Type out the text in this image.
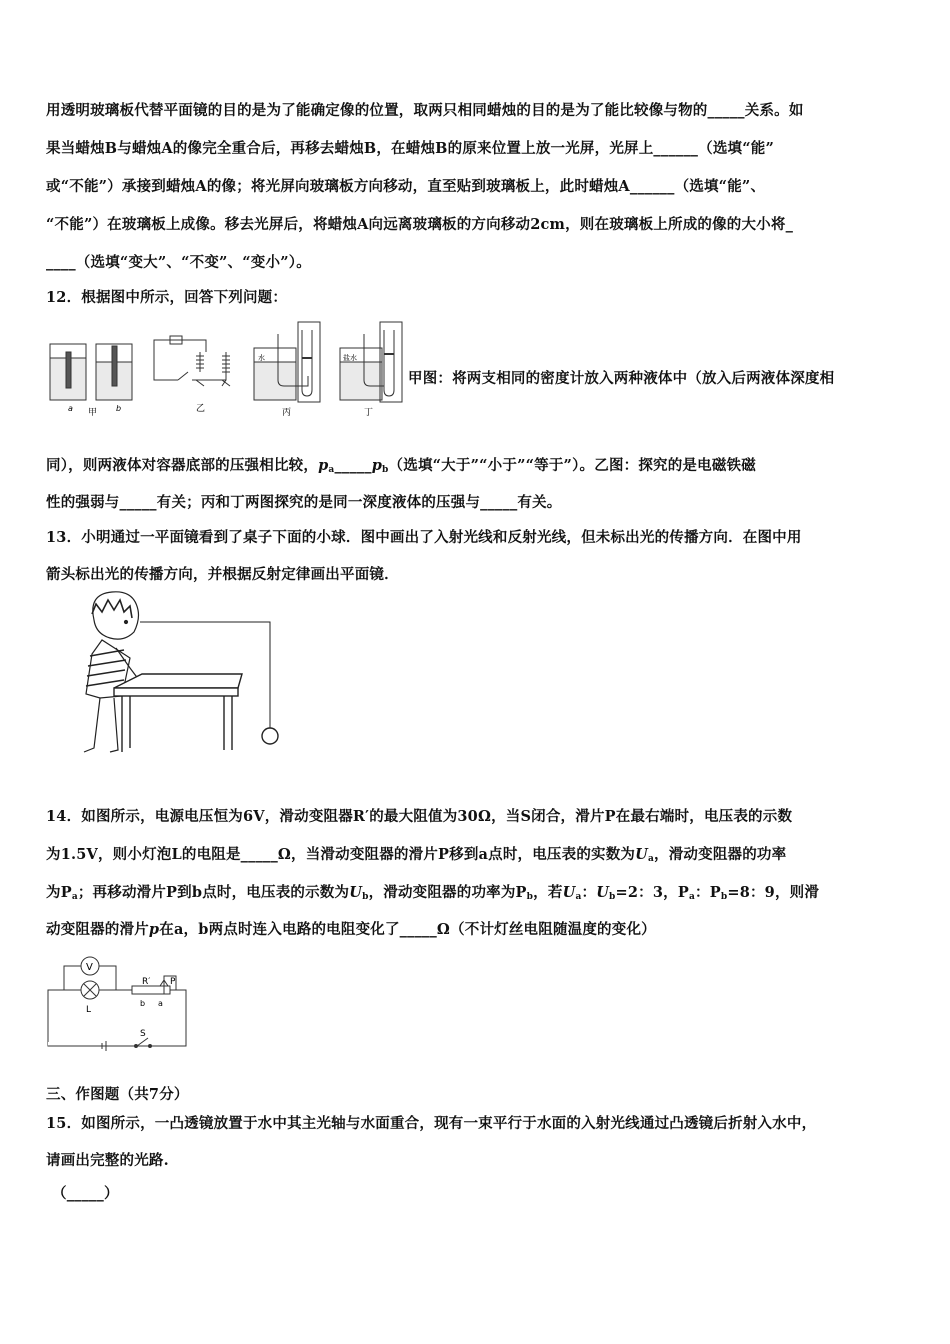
用透明玻璃板代替平面镜的目的是为了能确定像的位置，取两只相同蜡烛的目的是为了能比较像与物的_____关系。如
果当蜡烛B与蜡烛A的像完全重合后，再移去蜡烛B，在蜡烛B的原来位置上放一光屏，光屏上______（选填“能”
或“不能”）承接到蜡烛A的像；将光屏向玻璃板方向移动，直至贴到玻璃板上，此时蜡烛A______（选填“能”、
“不能”）在玻璃板上成像。移去光屏后，将蜡烛A向远离玻璃板的方向移动2cm，则在玻璃板上所成的像的大小将_
____（选填“变大”、“不变”、“变小”）。
12．根据图中所示，回答下列问题：
a	b
甲	乙
水
丙
盐水
丁
甲图：将两支相同的密度计放入两种液体中（放入后两液体深度相
同），则两液体对容器底部的压强相比较，$p_a\_\_\_\_\_p_b$（选填“大于”“小于”“等于”）。乙图：探究的是电磁铁磁
性的强弱与_____有关；丙和丁两图探究的是同一深度液体的压强与_____有关。
13．小明通过一平面镜看到了桌子下面的小球．图中画出了入射光线和反射光线，但未标出光的传播方向．在图中用
箭头标出光的传播方向，并根据反射定律画出平面镜．
14．如图所示，电源电压恒为6V，滑动变阻器R′的最大阻值为30Ω，当S闭合，滑片P在最右端时，电压表的示数
为1.5V，则小灯泡L的电阻是_____Ω，当滑动变阻器的滑片P移到a点时，电压表的实数为$U_a$，滑动变阻器的功率
为$P_a$；再移动滑片P到b点时，电压表的示数为$U_b$，滑动变阻器的功率为$P_b$，若$U_a$：$U_b=2$：3，$P_a$：$P_b=8$：9，则滑
动变阻器的滑片p在a，b两点时连入电路的电阻变化了_____Ω（不计灯丝电阻随温度的变化）
V
R′ P
L
b a
S
三、作图题（共7分）
15．如图所示，一凸透镜放置于水中其主光轴与水面重合，现有一束平行于水面的入射光线通过凸透镜后折射入水中，
请画出完整的光路.
（_____）
